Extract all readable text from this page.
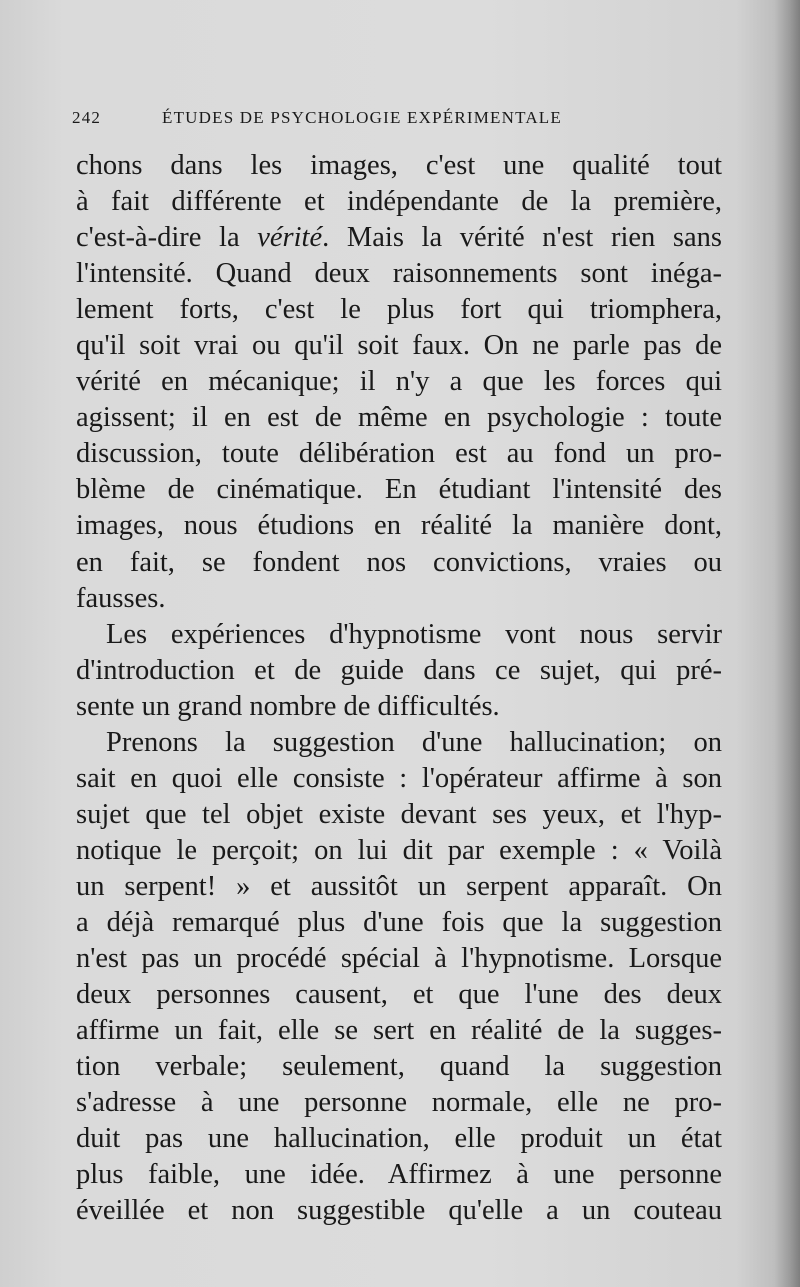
242	ÉTUDES DE PSYCHOLOGIE EXPÉRIMENTALE
chons dans les images, c'est une qualité tout
à fait différente et indépendante de la première,
c'est-à-dire la vérité. Mais la vérité n'est rien sans
l'intensité. Quand deux raisonnements sont inéga-
lement forts, c'est le plus fort qui triomphera,
qu'il soit vrai ou qu'il soit faux. On ne parle pas de
vérité en mécanique; il n'y a que les forces qui
agissent; il en est de même en psychologie : toute
discussion, toute délibération est au fond un pro-
blème de cinématique. En étudiant l'intensité des
images, nous étudions en réalité la manière dont,
en fait, se fondent nos convictions, vraies ou
fausses.
Les expériences d'hypnotisme vont nous servir
d'introduction et de guide dans ce sujet, qui pré-
sente un grand nombre de difficultés.
Prenons la suggestion d'une hallucination; on
sait en quoi elle consiste : l'opérateur affirme à son
sujet que tel objet existe devant ses yeux, et l'hyp-
notique le perçoit; on lui dit par exemple : « Voilà
un serpent! » et aussitôt un serpent apparaît. On
a déjà remarqué plus d'une fois que la suggestion
n'est pas un procédé spécial à l'hypnotisme. Lorsque
deux personnes causent, et que l'une des deux
affirme un fait, elle se sert en réalité de la sugges-
tion verbale; seulement, quand la suggestion
s'adresse à une personne normale, elle ne pro-
duit pas une hallucination, elle produit un état
plus faible, une idée. Affirmez à une personne
éveillée et non suggestible qu'elle a un couteau
